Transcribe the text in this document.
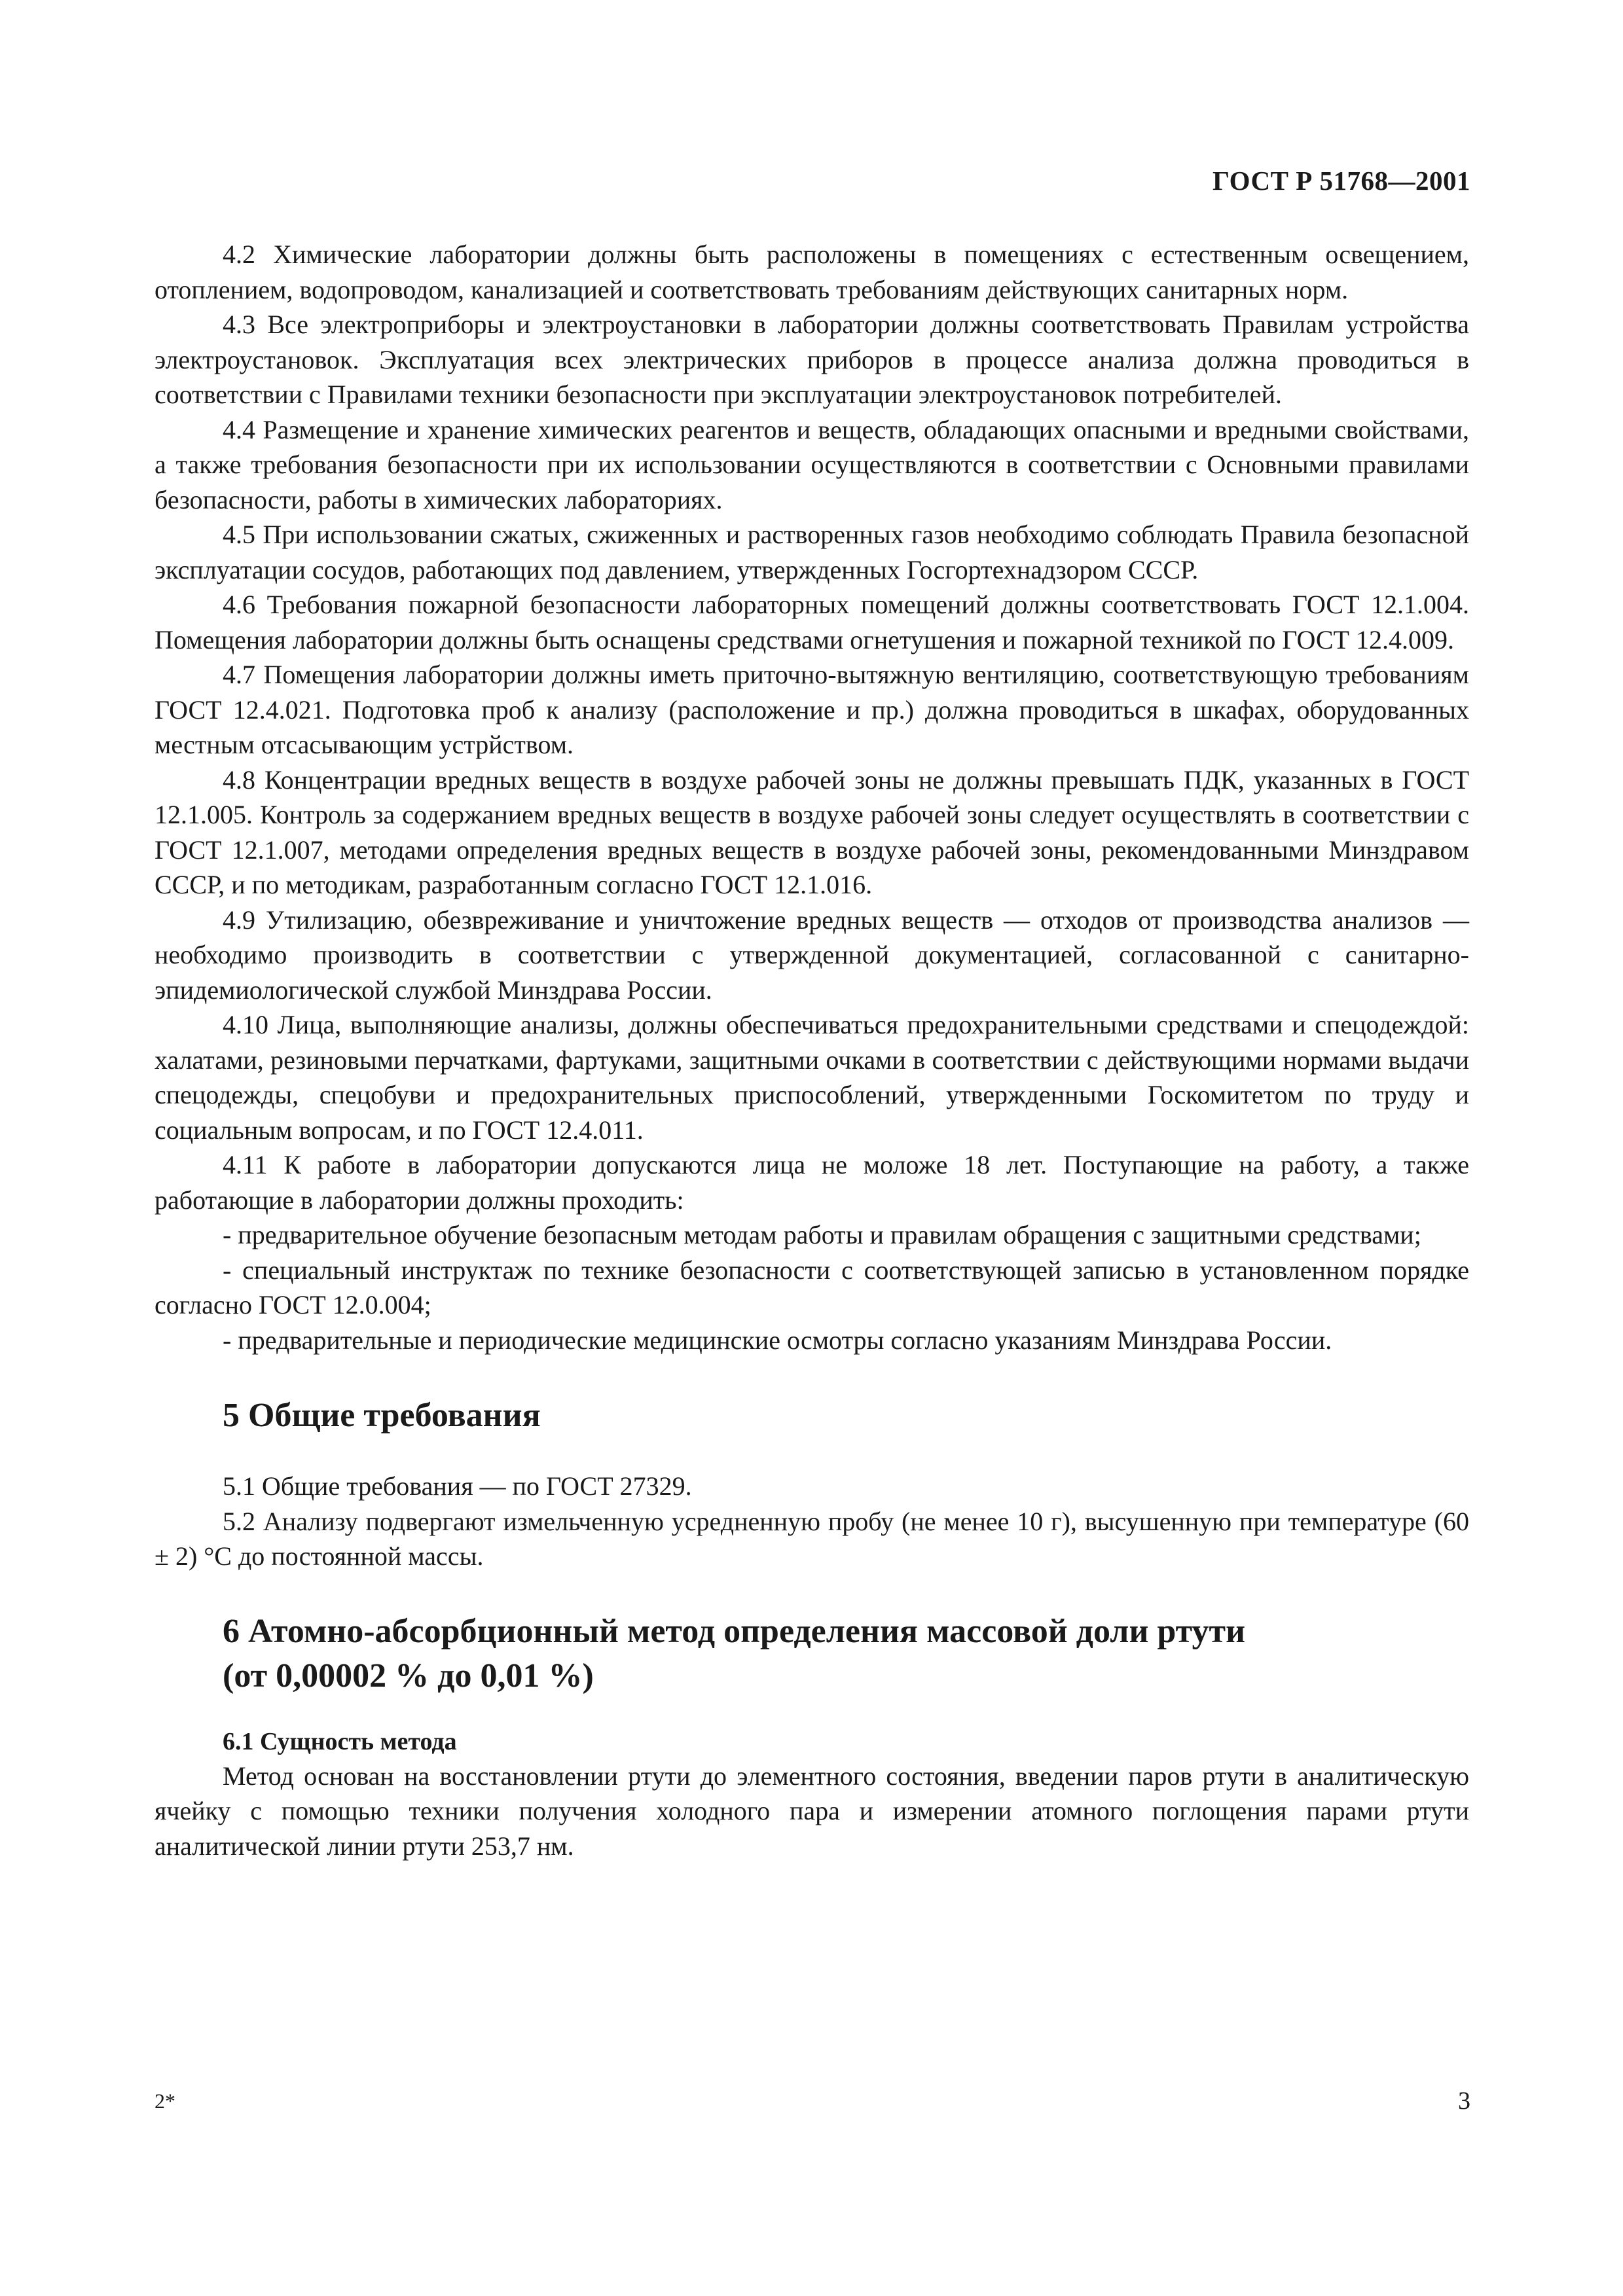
ГОСТ Р 51768—2001

4.2 Химические лаборатории должны быть расположены в помещениях с естественным освещением, отоплением, водопроводом, канализацией и соответствовать требованиям действующих санитарных норм.

4.3 Все электроприборы и электроустановки в лаборатории должны соответствовать Правилам устройства электроустановок. Эксплуатация всех электрических приборов в процессе анализа должна проводиться в соответствии с Правилами техники безопасности при эксплуатации электроустановок потребителей.

4.4 Размещение и хранение химических реагентов и веществ, обладающих опасными и вредными свойствами, а также требования безопасности при их использовании осуществляются в соответствии с Основными правилами безопасности, работы в химических лабораториях.

4.5 При использовании сжатых, сжиженных и растворенных газов необходимо соблюдать Правила безопасной эксплуатации сосудов, работающих под давлением, утвержденных Госгортехнадзором СССР.

4.6 Требования пожарной безопасности лабораторных помещений должны соответствовать ГОСТ 12.1.004. Помещения лаборатории должны быть оснащены средствами огнетушения и пожарной техникой по ГОСТ 12.4.009.

4.7 Помещения лаборатории должны иметь приточно-вытяжную вентиляцию, соответствующую требованиям ГОСТ 12.4.021. Подготовка проб к анализу (расположение и пр.) должна проводиться в шкафах, оборудованных местным отсасывающим устрйством.

4.8 Концентрации вредных веществ в воздухе рабочей зоны не должны превышать ПДК, указанных в ГОСТ 12.1.005. Контроль за содержанием вредных веществ в воздухе рабочей зоны следует осуществлять в соответствии с ГОСТ 12.1.007, методами определения вредных веществ в воздухе рабочей зоны, рекомендованными Минздравом СССР, и по методикам, разработанным согласно ГОСТ 12.1.016.

4.9 Утилизацию, обезвреживание и уничтожение вредных веществ — отходов от производства анализов — необходимо производить в соответствии с утвержденной документацией, согласованной с санитарно-эпидемиологической службой Минздрава России.

4.10 Лица, выполняющие анализы, должны обеспечиваться предохранительными средствами и спецодеждой: халатами, резиновыми перчатками, фартуками, защитными очками в соответствии с действующими нормами выдачи спецодежды, спецобуви и предохранительных приспособлений, утвержденными Госкомитетом по труду и социальным вопросам, и по ГОСТ 12.4.011.

4.11 К работе в лаборатории допускаются лица не моложе 18 лет. Поступающие на работу, а также работающие в лаборатории должны проходить:

- предварительное обучение безопасным методам работы и правилам обращения с защитными средствами;

- специальный инструктаж по технике безопасности с соответствующей записью в установленном порядке согласно ГОСТ 12.0.004;

- предварительные и периодические медицинские осмотры согласно указаниям Минздрава России.

5 Общие требования

5.1 Общие требования — по ГОСТ 27329.

5.2 Анализу подвергают измельченную усредненную пробу (не менее 10 г), высушенную при температуре (60 ± 2) °С до постоянной массы.

6 Атомно-абсорбционный метод определения массовой доли ртути
(от 0,00002 % до 0,01 %)
6.1 Сущность метода

Метод основан на восстановлении ртути до элементного состояния, введении паров ртути в аналитическую ячейку с помощью техники получения холодного пара и измерении атомного поглощения парами ртути аналитической линии ртути 253,7 нм.

2*	3
